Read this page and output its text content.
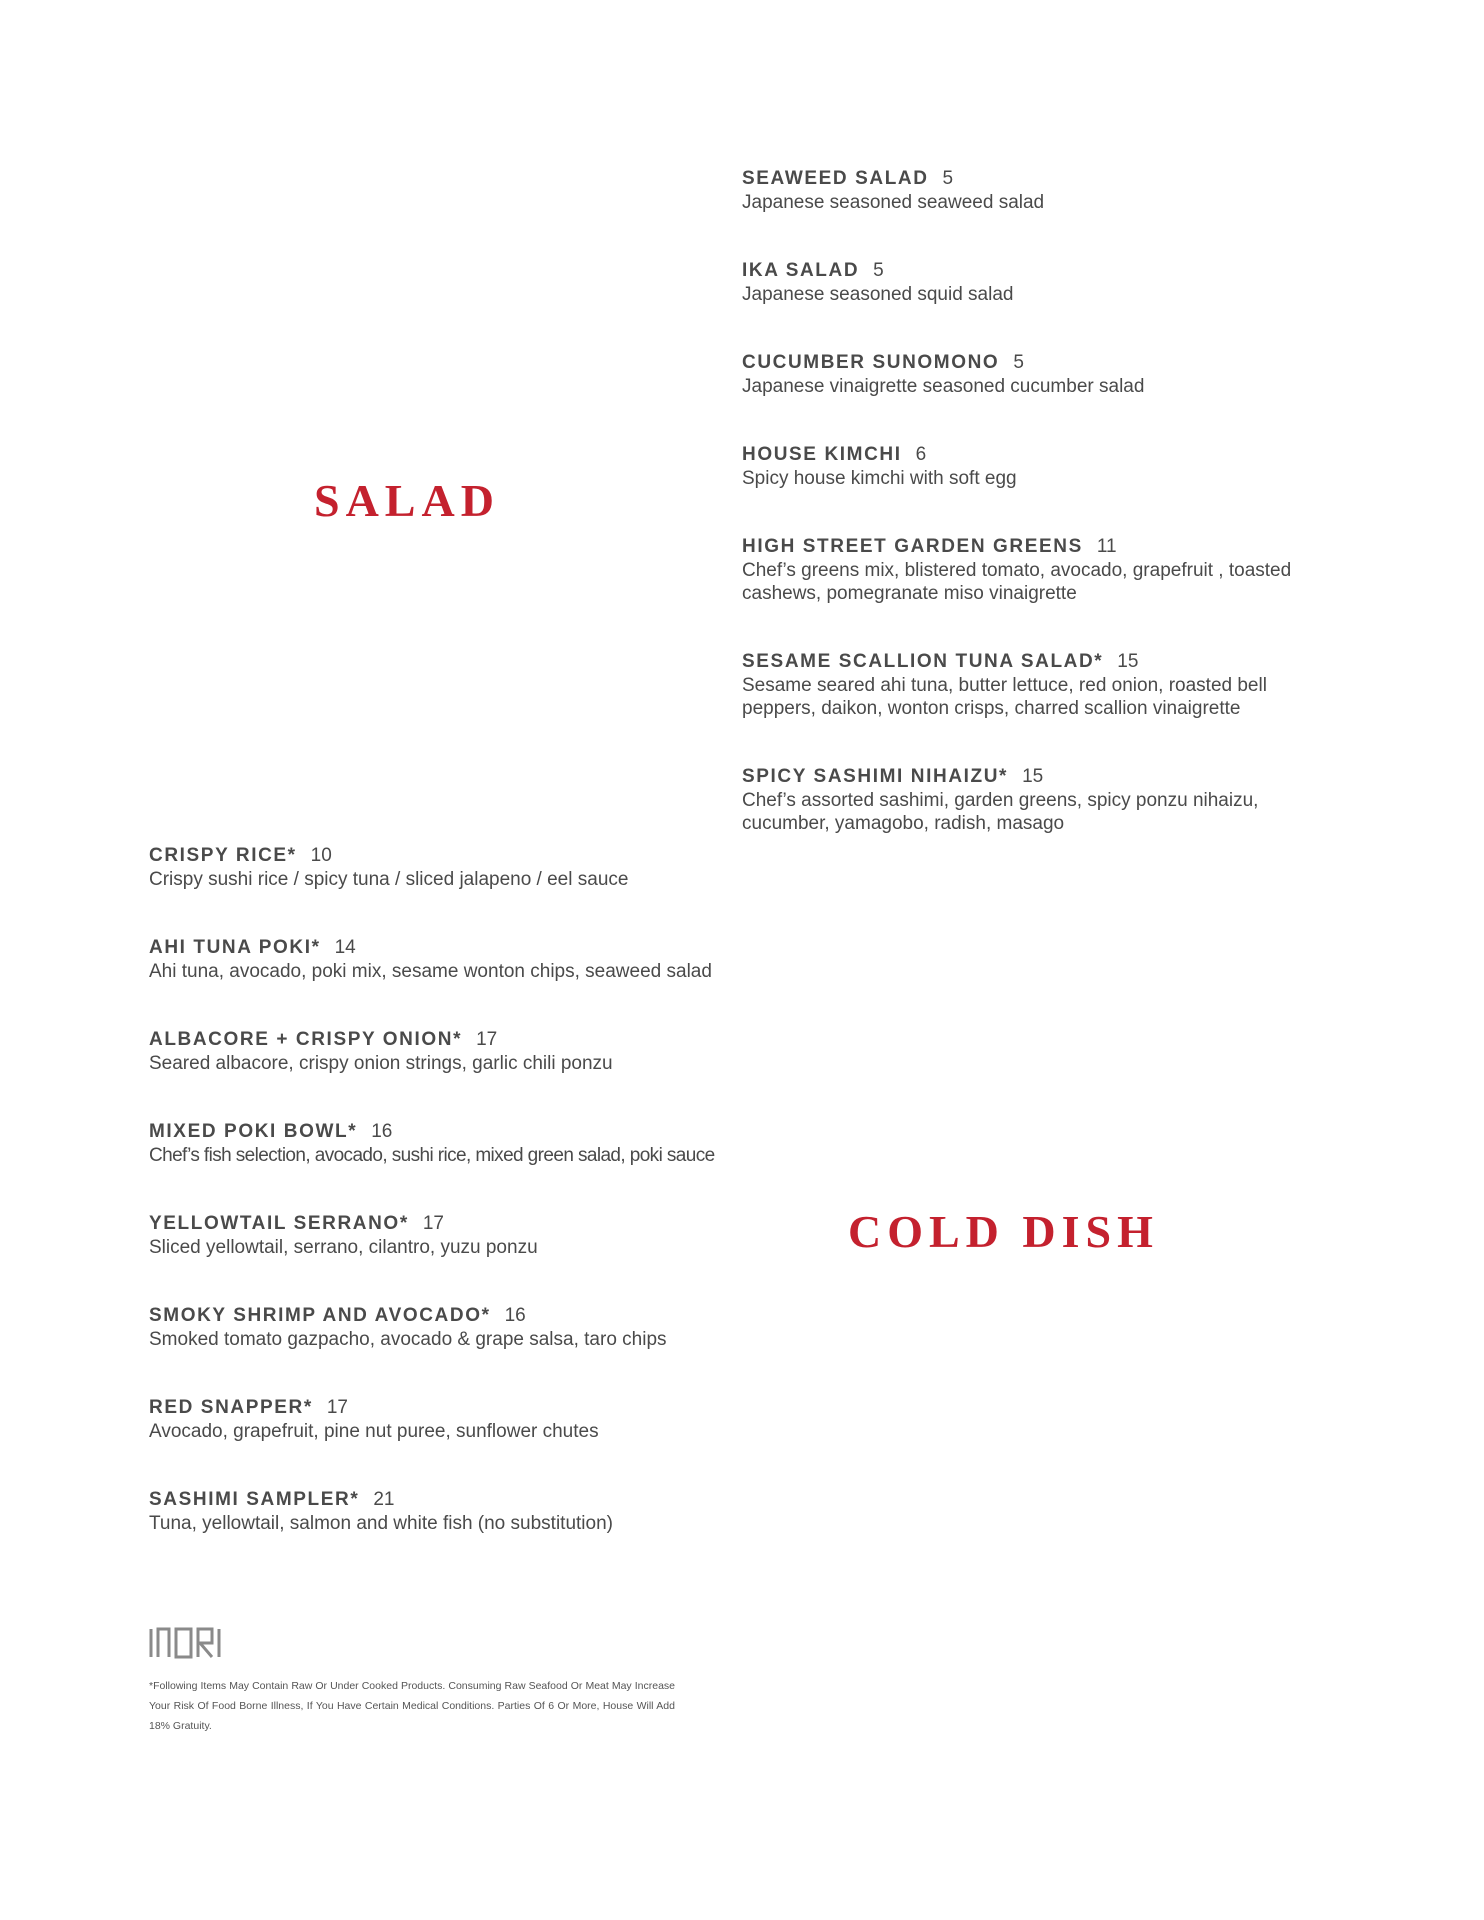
SALAD
SEAWEED SALAD 5
Japanese seasoned seaweed salad
IKA SALAD 5
Japanese seasoned squid salad
CUCUMBER SUNOMONO 5
Japanese vinaigrette seasoned cucumber salad
HOUSE KIMCHI 6
Spicy house kimchi with soft egg
HIGH STREET GARDEN GREENS 11
Chef’s greens mix, blistered tomato, avocado, grapefruit , toasted cashews, pomegranate miso vinaigrette
SESAME SCALLION TUNA SALAD* 15
Sesame seared ahi tuna, butter lettuce, red onion, roasted bell peppers, daikon, wonton crisps, charred scallion vinaigrette
SPICY SASHIMI NIHAIZU* 15
Chef’s assorted sashimi, garden greens, spicy ponzu nihaizu, cucumber, yamagobo, radish, masago
COLD DISH
CRISPY RICE* 10
Crispy sushi rice / spicy tuna / sliced jalapeno / eel sauce
AHI TUNA POKI* 14
Ahi tuna, avocado, poki mix, sesame wonton chips, seaweed salad
ALBACORE + CRISPY ONION* 17
Seared albacore, crispy onion strings, garlic chili ponzu
MIXED POKI BOWL* 16
Chef’s fish selection, avocado, sushi rice, mixed green salad, poki sauce
YELLOWTAIL SERRANO* 17
Sliced yellowtail, serrano, cilantro, yuzu ponzu
SMOKY SHRIMP AND AVOCADO* 16
Smoked tomato gazpacho, avocado & grape salsa, taro chips
RED SNAPPER* 17
Avocado, grapefruit, pine nut puree, sunflower chutes
SASHIMI SAMPLER* 21
Tuna, yellowtail, salmon and white fish (no substitution)
*Following Items May Contain Raw Or Under Cooked Products. Consuming Raw Seafood Or Meat May Increase Your Risk Of Food Borne Illness, If You Have Certain Medical Conditions. Parties Of 6 Or More, House Will Add 18% Gratuity.
